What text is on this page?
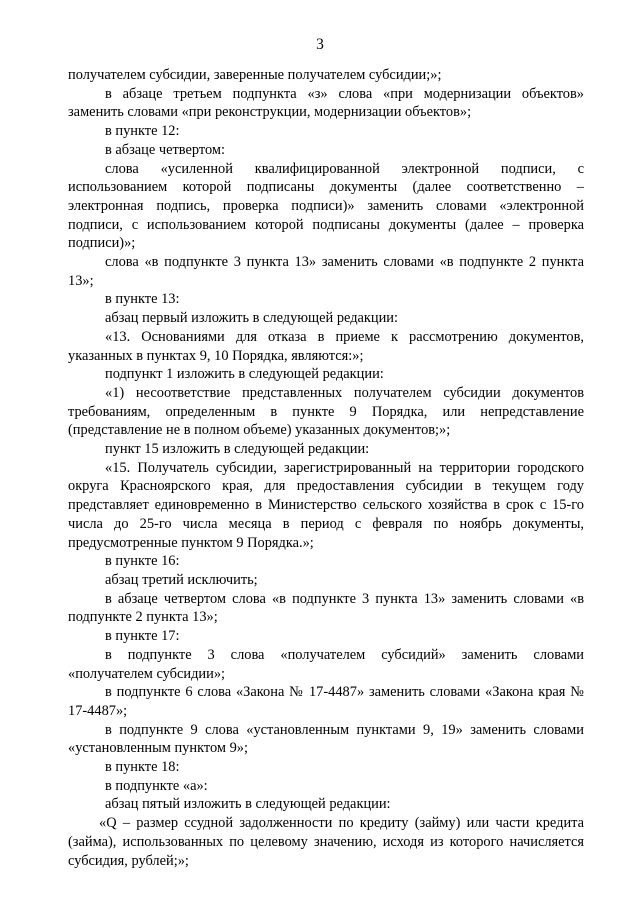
3

получателем субсидии, заверенные получателем субсидии;»;

в абзаце третьем подпункта «з» слова «при модернизации объектов» заменить словами «при реконструкции, модернизации объектов»;

в пункте 12:

в абзаце четвертом:

слова «усиленной квалифицированной электронной подписи, с использованием которой подписаны документы (далее соответственно – электронная подпись, проверка подписи)» заменить словами «электронной подписи, с использованием которой подписаны документы (далее – проверка подписи)»;

слова «в подпункте 3 пункта 13» заменить словами «в подпункте 2 пункта 13»;

в пункте 13:

абзац первый изложить в следующей редакции:

«13. Основаниями для отказа в приеме к рассмотрению документов, указанных в пунктах 9, 10 Порядка, являются:»;

подпункт 1 изложить в следующей редакции:

«1) несоответствие представленных получателем субсидии документов требованиям, определенным в пункте 9 Порядка, или непредставление (представление не в полном объеме) указанных документов;»;

пункт 15 изложить в следующей редакции:

«15. Получатель субсидии, зарегистрированный на территории городского округа Красноярского края, для предоставления субсидии в текущем году представляет единовременно в Министерство сельского хозяйства в срок с 15-го числа до 25-го числа месяца в период с февраля по ноябрь документы, предусмотренные пунктом 9 Порядка.»;

в пункте 16:

абзац третий исключить;

в абзаце четвертом слова «в подпункте 3 пункта 13» заменить словами «в подпункте 2 пункта 13»;

в пункте 17:

в подпункте 3 слова «получателем субсидий» заменить словами «получателем субсидии»;

в подпункте 6 слова «Закона № 17-4487» заменить словами «Закона края № 17-4487»;

в подпункте 9 слова «установленным пунктами 9, 19» заменить словами «установленным пунктом 9»;

в пункте 18:

в подпункте «а»:

абзац пятый изложить в следующей редакции:

«Q – размер ссудной задолженности по кредиту (займу) или части кредита (займа), использованных по целевому значению, исходя из которого начисляется субсидия, рублей;»;
